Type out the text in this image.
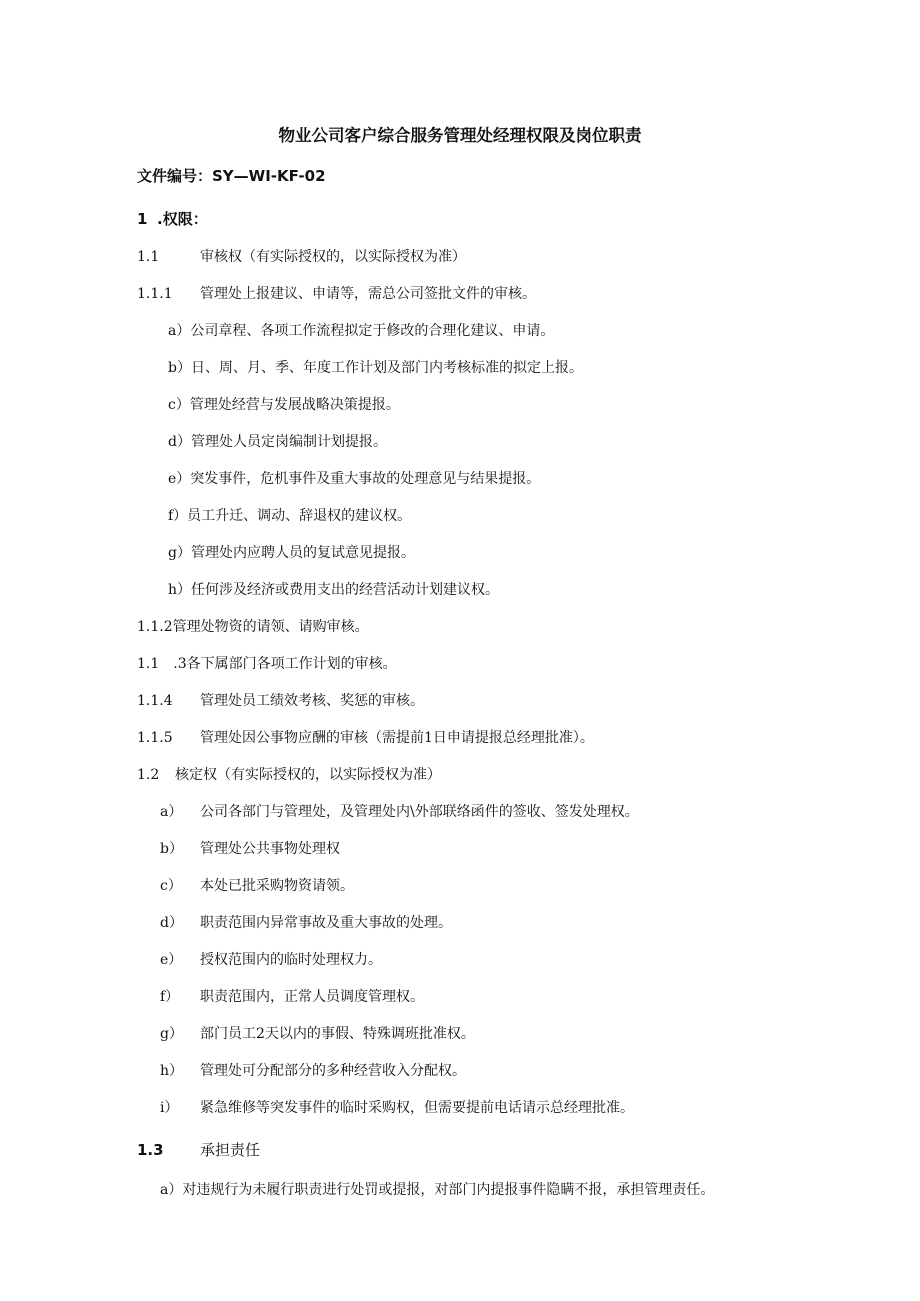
物业公司客户综合服务管理处经理权限及岗位职责
文件编号：SY—WI-KF-02
1 .权限：
1.1	审核权（有实际授权的，以实际授权为准）
1.1.1 管理处上报建议、申请等，需总公司签批文件的审核。
a）公司章程、各项工作流程拟定于修改的合理化建议、申请。
b）日、周、月、季、年度工作计划及部门内考核标准的拟定上报。
c）管理处经营与发展战略决策提报。
d）管理处人员定岗编制计划提报。
e）突发事件，危机事件及重大事故的处理意见与结果提报。
f）员工升迁、调动、辞退权的建议权。
g）管理处内应聘人员的复试意见提报。
h）任何涉及经济或费用支出的经营活动计划建议权。
1.1.2管理处物资的请领、请购审核。
1.1　.3各下属部门各项工作计划的审核。
1.1.4 管理处员工绩效考核、奖惩的审核。
1.1.5 管理处因公事物应酬的审核（需提前1日申请提报总经理批准）。
1.2 核定权（有实际授权的，以实际授权为准）
a） 公司各部门与管理处，及管理处内\外部联络函件的签收、签发处理权。
b） 管理处公共事物处理权
c） 本处已批采购物资请领。
d） 职责范围内异常事故及重大事故的处理。
e） 授权范围内的临时处理权力。
f） 职责范围内，正常人员调度管理权。
g） 部门员工2天以内的事假、特殊调班批准权。
h） 管理处可分配部分的多种经营收入分配权。
i） 紧急维修等突发事件的临时采购权，但需要提前电话请示总经理批准。
1.3 承担责任
a）对违规行为未履行职责进行处罚或提报，对部门内提报事件隐瞒不报，承担管理责任。
